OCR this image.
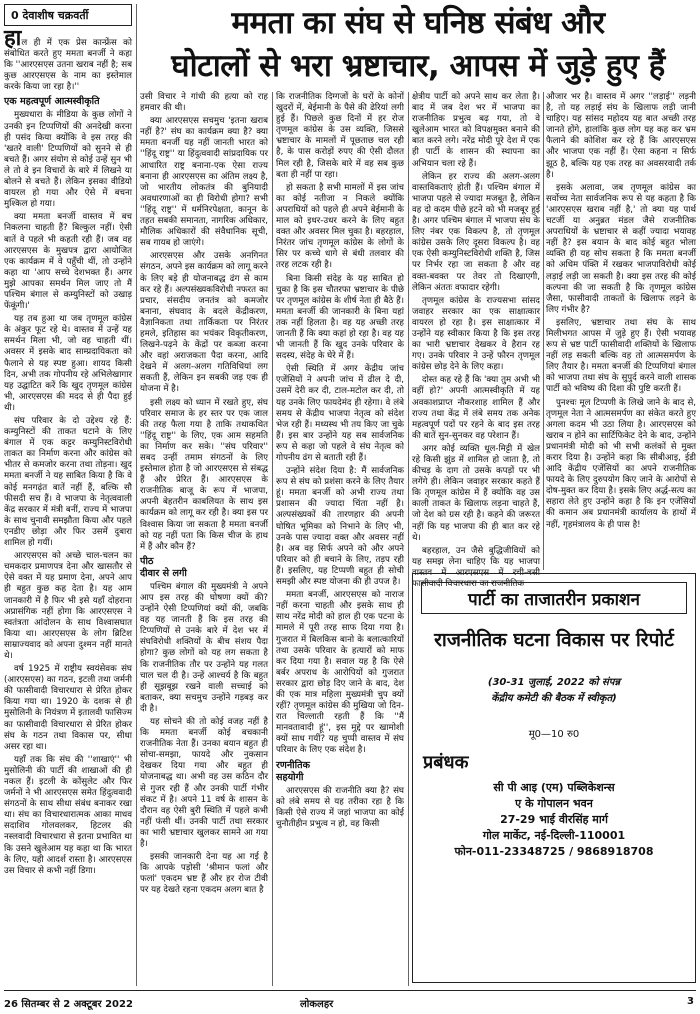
0 देवाशीष चक्रवर्ती	ममता का संघ से घनिष्ठ संबंध और
घोटालों से भरा भ्रष्टाचार, आपस में जुड़े हुए हैं

हाल ही में एक प्रेस कान्फ्रेंस को संबोधित करते हुए ममता बनर्जी ने कहा कि ''आरएसएस उतना खराब नहीं है; सब कुछ आरएसएस के नाम का इस्तेमाल करके किया जा रहा है।''

एक महत्वपूर्ण आत्मस्वीकृति

मुख्यधारा के मीडिया के कुछ लोगों ने उनकी इन टिप्पणियों की अनदेखी करना ही पसंद किया क्योंकि वे इस तरह की 'खतरे वाली' टिप्पणियों को सुनने से ही बचते हैं। अगर संयोग से कोई उन्हें सुन भी ले तो वे इन विचारों के बारे में लिखने या बोलने से बचते हैं। लेकिन इसका वीडियो वायरल हो गया और ऐसे में बचना मुश्किल हो गया।

क्या ममता बनर्जी वास्तव में बच निकलना चाहती हैं? बिल्कुल नहीं। ऐसी बातें वे पहले भी कहती रही हैं। जब वह आरएसएस के मुखपत्र द्वारा आयोजित एक कार्यक्रम में वे पहुँची थीं, तो उन्होंने कहा था 'आप सच्चे देशभक्त हैं। अगर मुझे आपका समर्थन मिल जाए तो मैं पश्चिम बंगाल से कम्युनिस्टों को उखाड़ फेंकूंगी।'

यह तब हुआ था जब तृणमूल कांग्रेस के अंकुर फूट रहे थे। वास्तव में उन्हें यह समर्थन मिला भी, जो वह चाहती थीं। अवसर में इसके बाद साम्प्रदायिकता को फैलाने से यह स्पष्ट हुआ। शायद किसी दिन, अभी तक गोपनीय रहे अभिलेखागार यह उद्घाटित करें कि खुद तृणमूल कांग्रेस भी, आरएसएस की मदद से ही पैदा हुई थी।

संघ परिवार के दो उद्देश्य रहे हैं: कम्युनिस्टों की ताकत घटाने के लिए बंगाल में एक कट्टर कम्युनिस्टविरोधी ताकत का निर्माण करना और कांग्रेस को भीतर से कमजोर करना तथा तोड़ना। खुद ममता बनर्जी ने यह साबित किया है कि वे कोई मनगढ़ंत बातें नहीं हैं, बल्कि सौ फीसदी सच हैं। वे भाजपा के नेतृत्ववाली केंद्र सरकार में मंत्री बनीं, राज्य में भाजपा के साथ चुनावी समझौता किया और पहले एनडीए छोड़ा और फिर उसमें दुबारा शामिल हो गयीं।

आरएसएस को अच्छे चाल-चलन का चमकदार प्रमाणपत्र देना और खासतौर से ऐसे वक्त में यह प्रमाण देना, अपने आप ही बहुत कुछ कह देता है। यह आम जानकारी में है फिर भी इसे यहाँ दोहराना अप्रासंगिक नहीं होगा कि आरएसएस ने स्वतंत्रता आंदोलन के साथ विश्वासघात किया था। आरएसएस के लोग ब्रिटिश साम्राज्यवाद को अपना दुश्मन नहीं मानते थे।

वर्ष 1925 में राष्ट्रीय स्वयंसेवक संघ (आरएसएस) का गठन, इटली तथा जर्मनी की फासीवादी विचारधारा से प्रेरित होकर किया गया था। 1920 के दशक से ही मुसोलिनी के नियंत्रण में इतालवी फासिज्म का फासीवादी विचारधारा से प्रेरित होकर संघ के गठन तथा विकास पर, सीधा असर रहा था।

यहाँ तक कि संघ की ''शाखाएं'' भी मुसोलिनी की पार्टी की शाखाओं की ही नकल हैं। इटली के कोंसुलेट और फिर जर्मनों ने भी आरएसएस समेत हिंदुत्ववादी संगठनों के साथ सीधा संबंध बनाकर रखा था। संघ का विचारधारात्मक आका माधव सदाशिव गोलवलकर, हिटलर की नस्लवादी विचारधारा से इतना प्रभावित था कि उसने खुलेआम यह कहा था कि भारत के लिए, यही आदर्श रास्ता है। आरएसएस उस विचार से कभी नहीं डिगा।

उसी विचार ने गांधी की हत्या को राह हमवार की थी।

क्या आरएसएस सचमुच 'इतना खराब नहीं है?' संघ का कार्यक्रम क्या है? क्या ममता बनर्जी यह नहीं जानती भारत को ''हिंदू राष्ट्र'' या हिंदुत्ववादी सांप्रदायिक पर आधारित राष्ट्र बनाना-एक ऐसा राज्य बनाना ही आरएसएस का अंतिम लक्ष्य है, जो भारतीय लोकतंत्र की बुनियादी अवधारणाओं का ही विरोधी होगा? सभी ''हिंदू राष्ट्र'' में धर्मनिरपेक्षता, कानून के तहत सबकी समानता, नागरिक अधिकार, मौलिक अधिकारों की संवैधानिक सूची, सब गायब हो जाएंगे।

आरएसएस और उसके अनगिनत संगठन, अपने इस कार्यक्रम को लागू करने के लिए बड़े ही योजनाबद्ध ढंग से काम कर रहे हैं। अल्पसंख्यकविरोधी नफरत का प्रचार, संसदीय जनतंत्र को कमजोर बनाना, संघवाद के बदले केंद्रीकरण, वैज्ञानिकता तथा तार्किकता पर निरंतर हमले, इतिहास का भयंकर विकृतीकरण, लिखने-पढ़ने के केंद्रों पर कब्जा करना और वहां अराजकता पैदा करना, आदि देखने में अलग-अलग गतिविधियां लग सकती हैं, लेकिन इन सबकी जड़ एक ही योजना में है।

इसी लक्ष्य को ध्यान में रखते हुए, संघ परिवार समाज के हर स्तर पर एक जाल की तरह फैला गया है ताकि तथाकथित ''हिंदू राष्ट्र'' के लिए, एक आम सहमति का निर्माण कर सके। ''संघ परिवार'' सबद उन्हीं तमाम संगठनों के लिए इस्तेमाल होता है जो आरएसएस से संबद्ध हैं और प्रेरित हैं। आरएसएस के राजनीतिक बाजू के रूप में भाजपा, अपनी बेहतरीन काबलियत के साथ इस कार्यक्रम को लागू कर रही है। क्या इस पर विश्वास किया जा सकता है ममता बनर्जी को यह नहीं पता कि किस चीज के हाथ में हैं और कौन हैं?

पीठ
दीवार से लगी

पश्चिम बंगाल की मुख्यमंत्री ने अपने आप इस तरह की घोषणा क्यों की? उन्होंने ऐसी टिप्पणियां क्यों कीं, जबकि वह यह जानती हैं कि इस तरह की टिप्पणियों से उनके बारे में देश भर में संघविरोधी शक्तियों के बीच संशय पैदा होगा? कुछ लोगों को यह लग सकता है कि राजनीतिक तौर पर उन्होंने यह गलत चाल चल दी है। उन्हें आश्चर्य है कि बहुत ही सूझबूझ रखने वाली सच्चाई को बताकर, क्या सचमुच उन्होंने गड़बड़ कर दी है।

यह सोचने की तो कोई वजह नहीं है कि ममता बनर्जी कोई बचकानी राजनीतिक नेता हैं। उनका बयान बहुत ही सोचा-समझा, फायदे और नुकसान देखकर दिया गया और बहुत ही योजनाबद्ध था। अभी वह उस कठिन दौर से गुजर रही हैं और उनकी पार्टी गंभीर संकट में है। अपने 11 वर्ष के शासन के दौरान वह ऐसी बुरी स्थिति में पहले कभी नहीं फंसी थीं। उनकी पार्टी तथा सरकार का भारी भ्रष्टाचार खुलकर सामने आ गया है।

इसकी जानकारी देना यह आ गई है कि आपके पड़ोसी 'श्रीमान फलां और फलां' एकदम भ्रष्ट हैं और हर रोज टीवी पर यह देखते रहना एकदम अलग बात है

कि राजनीतिक दिग्गजों के घरों के कोनों खुदरों में, बेईमानी के पैसे की ढेरियां लगी हुई हैं। पिछले कुछ दिनों में हर रोज तृणमूल कांग्रेस के उस व्यक्ति, जिससे भ्रष्टाचार के मामलों में पूछताछ चल रही है, के पास करोड़ों रुपए की ऐसी दौलत मिल रही है, जिसके बारे में वह सब कुछ बता ही नहीं पा रहा।

हो सकता है सभी मामलों में इस जांच का कोई नतीजा न निकले क्योंकि अपराधियों को पहले ही अपने बेईमानी के माल को इधर-उधर करने के लिए बहुत वक्त और अवसर मिल चुका है। बहरहाल, निरंतर जांच तृणमूल कांग्रेस के लोगों के सिर पर कच्चे धागे से बंधी तलवार की तरह लटक रही है।

बिना किसी संदेह के यह साबित हो चुका है कि इस चौतरफा भ्रष्टाचार के पीछे पर तृणमूल कांग्रेस के शीर्ष नेता ही बैठे हैं। ममता बनर्जी की जानकारी के बिना यहां तक नहीं हिलता है। वह यह अच्छी तरह जानती हैं कि क्या कहां हो रहा है। वह यह भी जानती हैं कि खुद उनके परिवार के सदस्य, संदेह के घेरे में हैं।

ऐसी स्थिति में अगर केंद्रीय जांच एजेंसियों ने अपनी जांच में ढील दे दी, उसमें देरी कर दी, टाल-मटोल कर दी, तो यह उनके लिए फायदेमंद ही रहेगा। वे लंबे समय से केंद्रीय भाजपा नेतृत्व को संदेश भेज रही हैं। मध्यस्थ भी तय किए जा चुके हैं। इस बार उन्होंने यह सब सार्वजनिक रूप से कहा जो पहले वे संघ नेतृत्व को गोपनीय ढंग से बताती रही हैं।

उन्होंने संदेश दिया है: मैं सार्वजनिक रूप से संघ को प्रशंसा करने के लिए तैयार हूं। ममता बनर्जी को अभी राज्य तथा प्रशासन की ज्यादा चिंता नहीं है। अल्पसंख्यकों की तारणहार की अपनी घोषित भूमिका को निभाने के लिए भी, उनके पास ज्यादा वक्त और अवसर नहीं है। अब वह सिर्फ अपने को और अपने परिवार को ही बचाने के लिए, तड़प रही हैं। इसलिए, यह टिप्पणी बहुत ही सोची समझी और स्पष्ट योजना की ही उपज है।

ममता बनर्जी, आरएसएस को नाराज नहीं करना चाहती और इसके साथ ही साथ नरेंद्र मोदी को हाल ही एक पटना के मामले में पूरी तरह साफ दिया गया है। गुजरात में बिलकिस बानो के बलात्कारियों तथा उसके परिवार के हत्यारों को माफ कर दिया गया है। सवाल यह है कि ऐसे बर्बर अपराध के आरोपियों को गुजरात सरकार द्वारा छोड़ दिए जाने के बाद, देश की एक मात्र महिला मुख्यमंत्री चुप क्यों रहीं? तृणमूल कांग्रेस की मुखिया जो दिन-रात चिल्लाती रहती हैं कि ''मैं मानवतावादी हूं'', इस मुद्दे पर खामोशी क्यों साध गयीं? यह चुप्पी वास्तव में संघ परिवार के लिए एक संदेश है।

रणनीतिक
सहयोगी

आरएसएस की राजनीति क्या है? संघ को लंबे समय से यह तरीका रहा है कि किसी ऐसे राज्य में जहां भाजपा का कोई चुनौतीहीन प्रभुत्व न हो, वह किसी

क्षेत्रीय पार्टी को अपने साथ कर लेता है। बाद में जब देश भर में भाजपा का राजनीतिक प्रभुत्व बढ़ गया, तो वे खुलेआम भारत को विपक्षमुक्त बनाने की बात करने लगे। नरेंद्र मोदी पूरे देश में एक ही पार्टी के शासन की स्थापना का अभियान चला रहे हैं।

लेकिन हर राज्य की अलग-अलग वास्तविकताएं होती हैं। पश्चिम बंगाल में भाजपा पहले से ज्यादा मजबूत है, लेकिन वह दो कदम पीछे हटने को भी मजबूर हुई है। अगर पश्चिम बंगाल में भाजपा संघ के लिए नंबर एक विकल्प है, तो तृणमूल कांग्रेस उसके लिए दूसरा विकल्प है। वह एक ऐसी कम्युनिस्टविरोधी शक्ति है, जिस पर निर्भर रहा जा सकता है और वह वक्त-बवक्त पर तेवर तो दिखाएगी, लेकिन अंततः वफादार रहेगी।

तृणमूल कांग्रेस के राज्यसभा सांसद जवाहर सरकार का एक साक्षात्कार वायरल हो रहा है। इस साक्षात्कार में उन्होंने यह स्वीकार किया है कि इस तरह का भारी भ्रष्टाचार देखकर वे हैरान रह गए। उनके परिवार ने उन्हें फौरन तृणमूल कांग्रेस छोड़ देने के लिए कहा।

दोस्त कह रहे हैं कि 'क्या तुम अभी भी वहीं हो?' अपनी आत्मस्वीकृति में यह अवकाशप्राप्त नौकरशाह शामिल हैं और राज्य तथा केंद्र में लंबे समय तक अनेक महत्वपूर्ण पदों पर रहने के बाद इस तरह की बातें सुन-सुनकर वह परेशान हैं।

अगर कोई व्यक्ति धूल-मिट्टी में खेल रहे किसी झुंड में शामिल हो जाता है, तो कीचड़ के दाग तो उसके कपड़ों पर भी लगेंगे ही। लेकिन जवाहर सरकार कहते हैं कि तृणमूल कांग्रेस में हैं क्योंकि वह उस काली ताकत के खिलाफ लड़ना चाहते हैं, जो देश को ग्रस रही है। कहने की जरूरत नहीं कि यह भाजपा की ही बात कर रहे थे।

बहरहाल, उन जैसे बुद्धिजीवियों को यह समझ लेना चाहिए कि यह भाजपा वास्तव में आरएसएस में रची-बसी फासीवादी विचारधारा का राजनीतिक

औजार भर है। वास्तव में अगर ''लड़ाई'' लड़नी है, तो यह लड़ाई संघ के खिलाफ लड़ी जानी चाहिए। यह सांसद महोदय यह बात अच्छी तरह जानते होंगे, हालांकि कुछ लोग यह कह कर भ्रम फैलाने की कोशिश कर रहे हैं कि आरएसएस और भाजपा एक नहीं हैं। ऐसा कहना न सिर्फ झूठ है, बल्कि यह एक तरह का अवसरवादी तर्क है।

इसके अलावा, जब तृणमूल कांग्रेस का सर्वोच्च नेता सार्वजनिक रूप से यह कहता है कि 'आरएसएस खराब नहीं है,' तो क्या यह पार्थ चटर्जी या अनुब्रत मंडल जैसे राजनीतिक अपराधियों के भ्रष्टाचार से कहीं ज्यादा भयावह नहीं है? इस बयान के बाद कोई बहुत भोला व्यक्ति ही यह सोच सकता है कि ममता बनर्जी को अधिम पंक्ति में रखकर भाजपाविरोधी कोई लड़ाई लड़ी जा सकती है। क्या इस तरह की कोई कल्पना की जा सकती है कि तृणमूल कांग्रेस जैसा, फासीवादी ताकतों के खिलाफ लड़ने के लिए गंभीर है?

इसलिए, भ्रष्टाचार तथा संघ के साथ मिलीभगत आपस में जुड़े हुए हैं। ऐसी भयावह रूप से भ्रष्ट पार्टी फासीवादी शक्तियों के खिलाफ नहीं लड़ सकती बल्कि वह तो आत्मसमर्पण के लिए तैयार है। ममता बनर्जी की टिप्पणियां बंगाल को भाजपा तथा संघ के सुपुर्द करने वाली शासक पार्टी को भविष्य की दिशा की पुष्टि करती हैं।

पुनश्चः मूल टिप्पणी के लिखे जाने के बाद से, तृणमूल नेता ने आत्मसमर्पण का संकेत करते हुए अगला कदम भी उठा लिया है। आरएसएस को खराब न होने का सार्टिफिकेट देने के बाद, उन्होंने प्रधानमंत्री मोदी को भी सभी कलंकों से मुक्त करार दिया है। उन्होंने कहा कि सीबीआइ, ईडी आदि केंद्रीय एजेंसियों का अपने राजनीतिक फायदे के लिए दुरुपयोग किए जाने के आरोपों से दोष-मुक्त कर दिया है। इसके लिए अर्द्ध-सत्य का सहारा लेते हुए उन्होंने कहा है कि इन एजेंसियों की कमान अब प्रधानमंत्री कार्यालय के हाथों में नहीं, गृहमंत्रालय के ही पास है!

पार्टी का ताजातरीन प्रकाशन
राजनीतिक घटना विकास पर रिपोर्ट
(30-31 जुलाई, 2022 को संपन्न
केंद्रीय कमेटी की बैठक में स्वीकृत)
मू0—10 रु0
प्रबंधक
सी पी आइ (एम) पब्लिकेशन्स
ए के गोपालन भवन
27-29 भाई वीरसिंह मार्ग
गोल मार्केट, नई-दिल्ली-110001
फोन-011-23348725 / 9868918708
26 सितम्बर से 2 अक्टूबर 2022	लोकलहर	3
